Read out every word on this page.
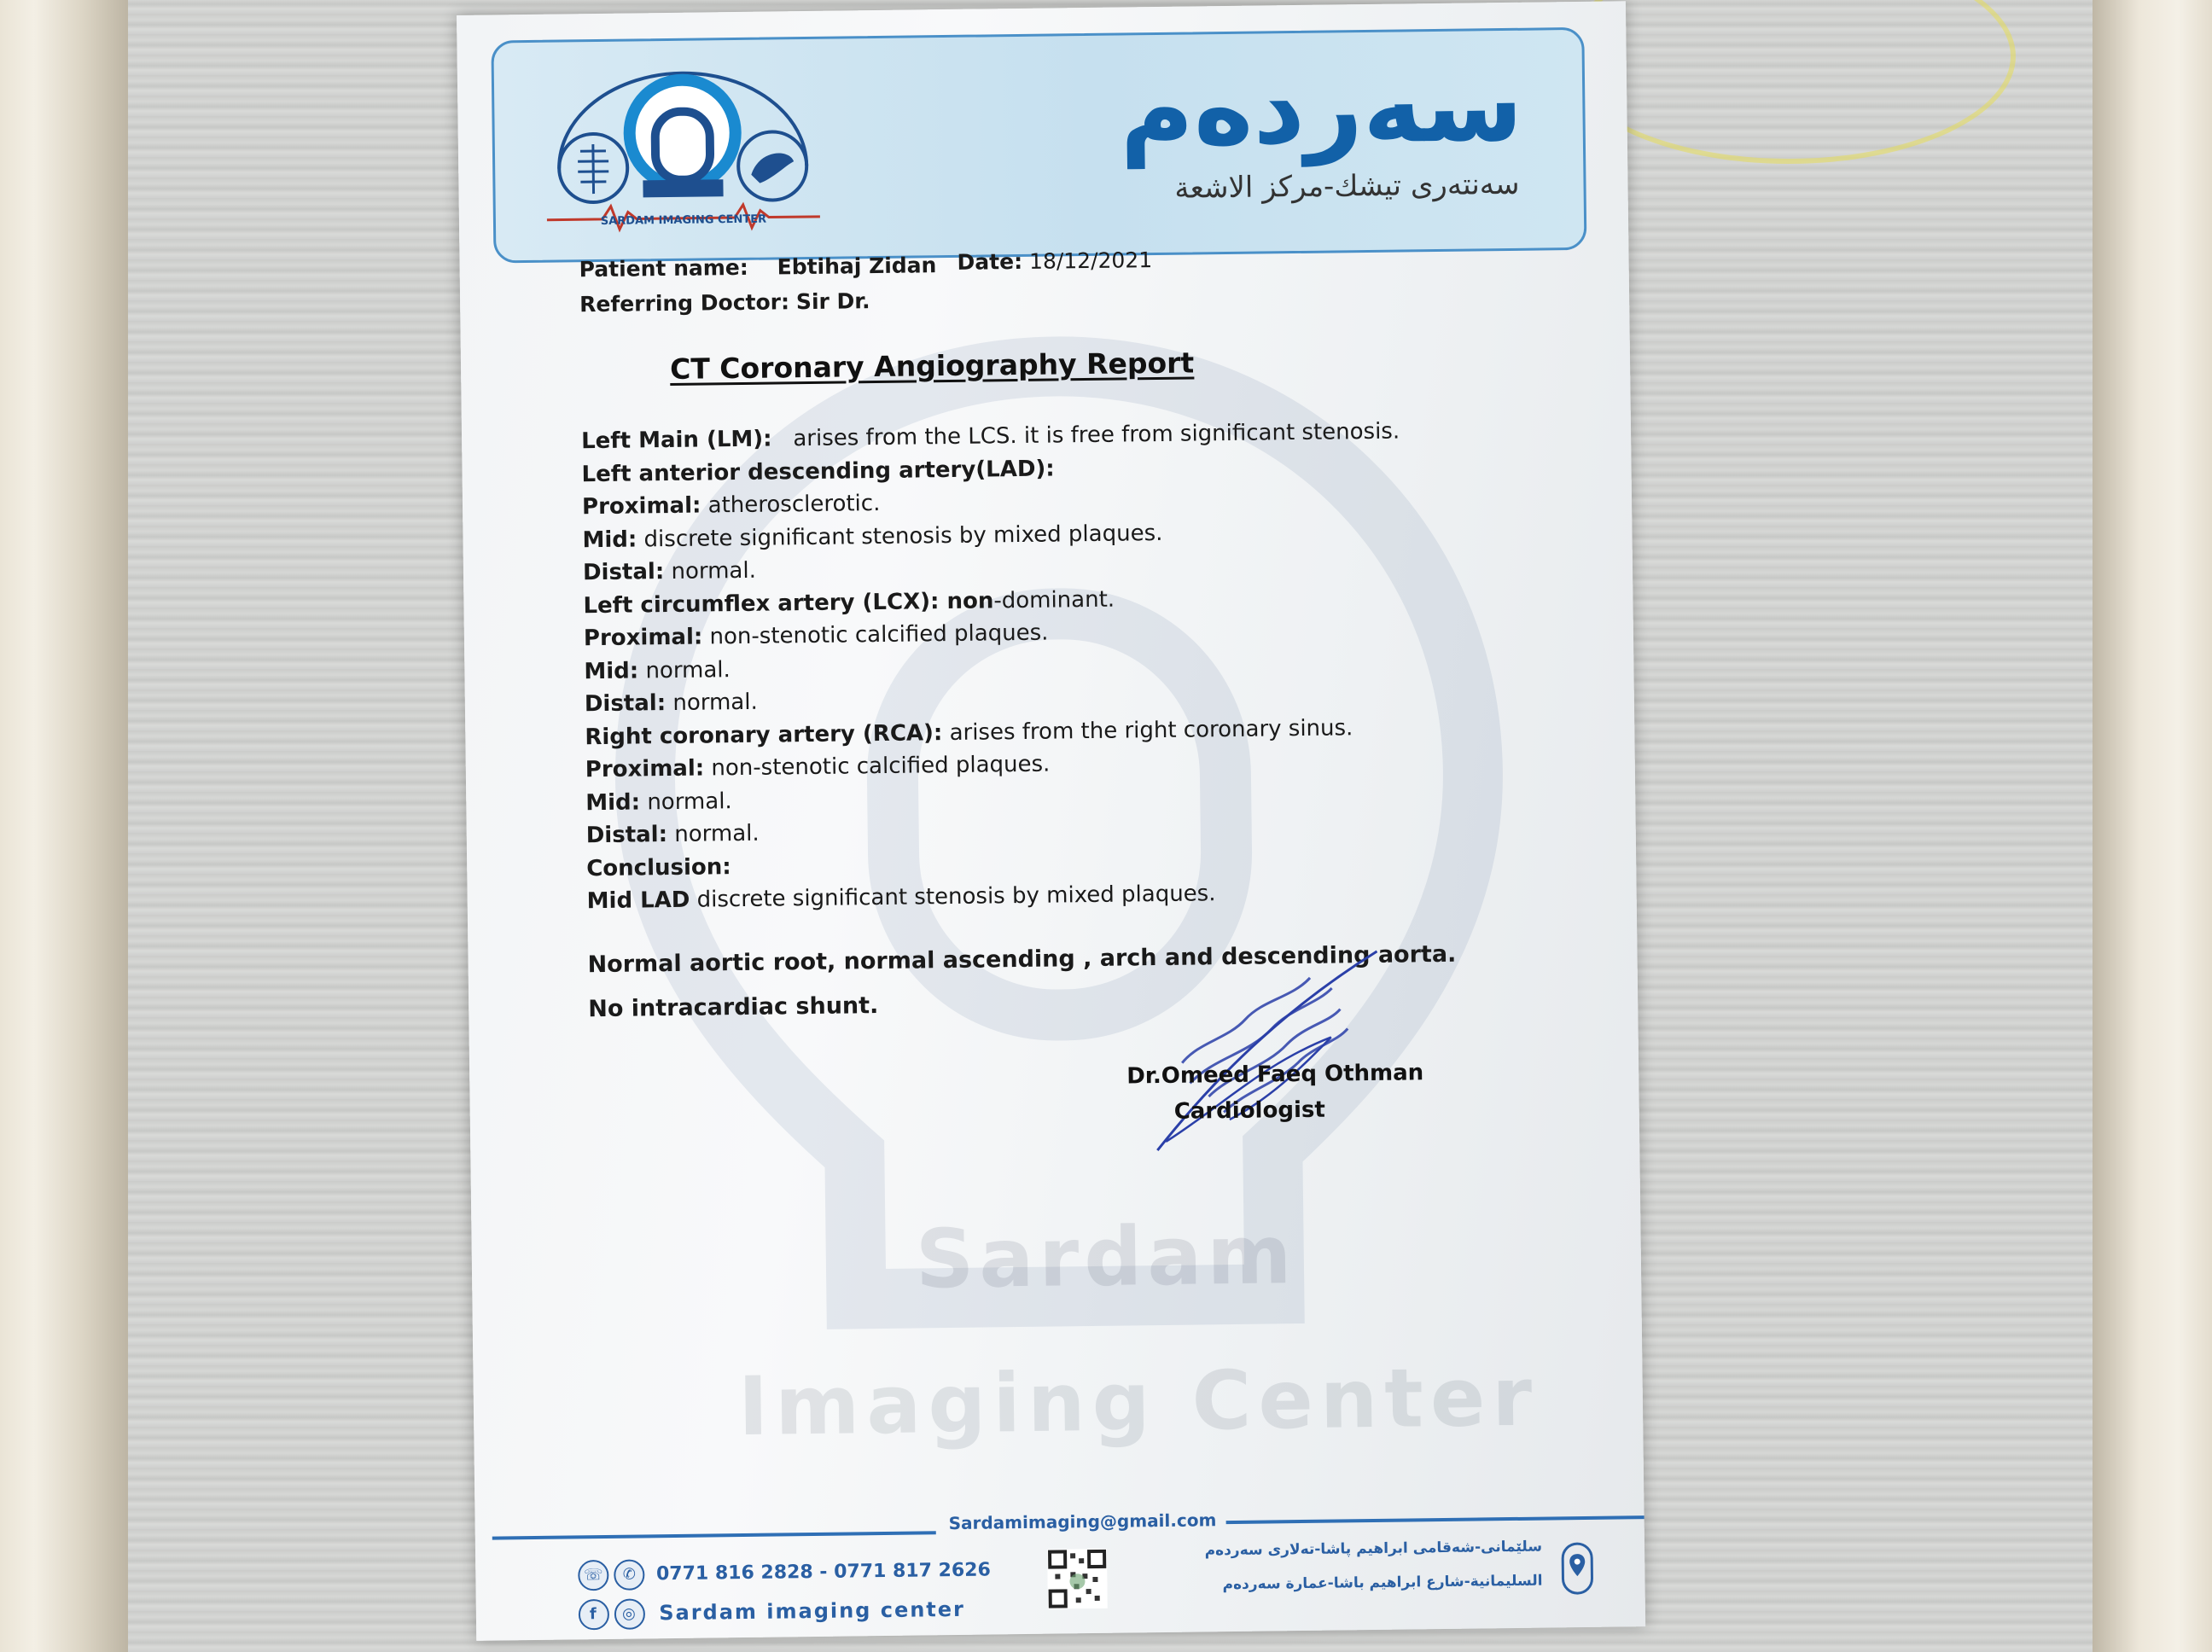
Sardam
Imaging Center
SARDAM IMAGING CENTER
سەردەم
سەنتەری تیشك-مركز الاشعة
Patient name: Ebtihaj Zidan Date: 18/12/2021
Referring Doctor: Sir Dr.
CT Coronary Angiography Report
Left Main (LM):   arises from the LCS. it is free from significant stenosis.
Left anterior descending artery(LAD):
Proximal: atherosclerotic.
Mid: discrete significant stenosis by mixed plaques.
Distal: normal.
Left circumflex artery (LCX): non-dominant.
Proximal: non-stenotic calcified plaques.
Mid: normal.
Distal: normal.
Right coronary artery (RCA): arises from the right coronary sinus.
Proximal: non-stenotic calcified plaques.
Mid: normal.
Distal: normal.
Conclusion:
Mid LAD discrete significant stenosis by mixed plaques.
Normal aortic root, normal ascending , arch and descending aorta.
No intracardiac shunt.
Dr.Omeed Faeq Othman
Cardiologist
Sardamimaging@gmail.com
☏ ✆ 0771 816 2828 - 0771 817 2626
f ◎ Sardam imaging center
سلێمانی-شەقامی ابراهیم پاشا-تەلاری سەردەم
السليمانية-شارع ابراهيم باشا-عمارة سەردەم
